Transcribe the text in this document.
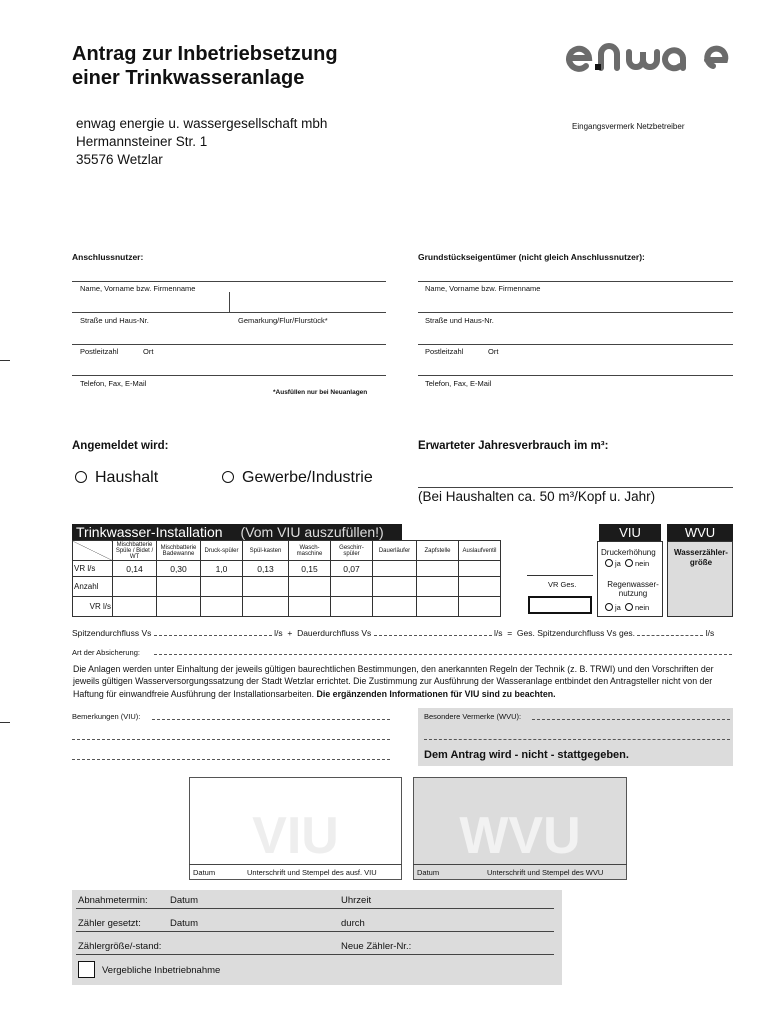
Antrag zur Inbetriebsetzung
einer Trinkwasseranlage
enwag energie u. wassergesellschaft mbh
Hermannsteiner Str. 1
35576 Wetzlar
Eingangsvermerk Netzbetreiber
Anschlussnutzer:	Grundstückseigentümer (nicht gleich Anschlussnutzer):
Name, Vorname bzw. Firmenname
Straße und Haus-Nr.	Gemarkung/Flur/Flurstück*
Postleitzahl	Ort
Telefon, Fax, E-Mail
*Ausfüllen nur bei Neuanlagen
Name, Vorname bzw. Firmenname
Straße und Haus-Nr.
Postleitzahl	Ort
Telefon, Fax, E-Mail
Angemeldet wird:
Haushalt	Gewerbe/Industrie
Erwarteter Jahresverbrauch im m³:
(Bei Haushalten ca. 50 m³/Kopf u. Jahr)
Trinkwasser-Installation (Vom VIU auszufüllen!)	VIU	WVU
	Mischbatterie Spüle / Bidet / WT	Mischbatterie Badewanne	Druck-spüler	Spül-kasten	Wasch-maschine	Geschirr-spüler	Dauerläufer	Zapfstelle	Auslaufventil
VR l/s	0,14	0,30	1,0	0,13	0,15	0,07			
Anzahl									
VR l/s									
VR Ges.
Druckerhöhung
ja nein
Regenwasser-nutzung
ja nein
Wasserzähler-größe
Spitzendurchfluss Vs	l/s + Dauerdurchfluss Vs	l/s = Ges. Spitzendurchfluss Vs ges.	l/s
Art der Absicherung:
Die Anlagen werden unter Einhaltung der jeweils gültigen baurechtlichen Bestimmungen, den anerkannten Regeln der Technik (z. B. TRWI) und den Vorschriften der jeweils gültigen Wasserversorgungssatzung der Stadt Wetzlar errichtet. Die Zustimmung zur Ausführung der Wasseranlage entbindet den Antragsteller nicht von der Haftung für einwandfreie Ausführung der Installationsarbeiten. Die ergänzenden Informationen für VIU sind zu beachten.
Bemerkungen (VIU):	Besondere Vermerke (WVU):
Dem Antrag wird - nicht - stattgegeben.
VIU
Datum	Unterschrift und Stempel des ausf. VIU
WVU
Datum	Unterschrift und Stempel des WVU
Abnahmetermin: Datum	Uhrzeit
Zähler gesetzt:	Datum	durch
Zählergröße/-stand:	Neue Zähler-Nr.:
Vergebliche Inbetriebnahme
